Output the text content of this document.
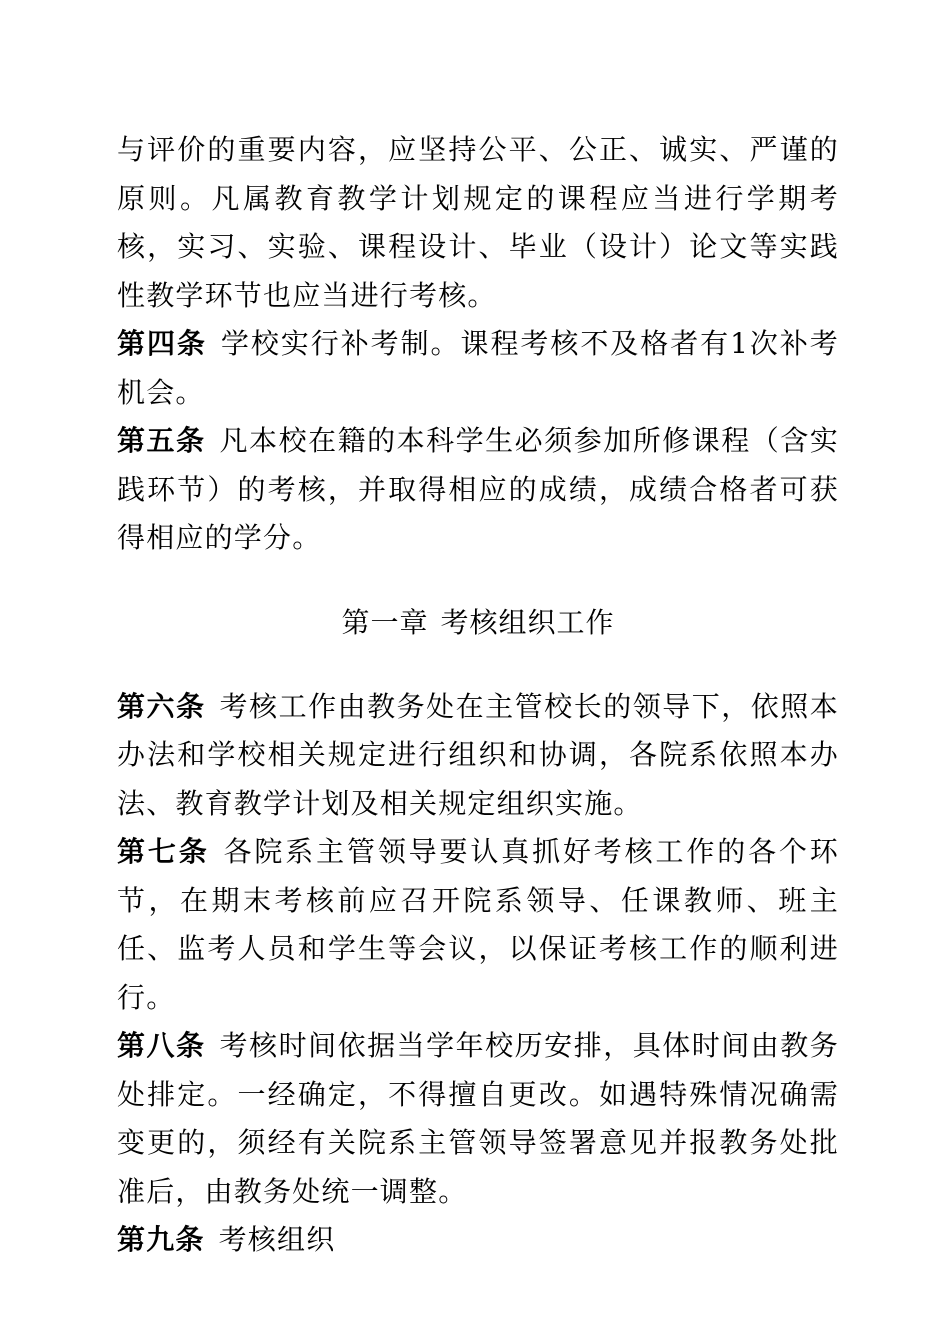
与评价的重要内容，应坚持公平、公正、诚实、严谨的原则。凡属教育教学计划规定的课程应当进行学期考核，实习、实验、课程设计、毕业（设计）论文等实践性教学环节也应当进行考核。

第四条 学校实行补考制。课程考核不及格者有1次补考机会。

第五条 凡本校在籍的本科学生必须参加所修课程（含实践环节）的考核，并取得相应的成绩，成绩合格者可获得相应的学分。

第一章 考核组织工作

第六条 考核工作由教务处在主管校长的领导下，依照本办法和学校相关规定进行组织和协调，各院系依照本办法、教育教学计划及相关规定组织实施。

第七条 各院系主管领导要认真抓好考核工作的各个环节，在期末考核前应召开院系领导、任课教师、班主任、监考人员和学生等会议，以保证考核工作的顺利进行。

第八条 考核时间依据当学年校历安排，具体时间由教务处排定。一经确定，不得擅自更改。如遇特殊情况确需变更的，须经有关院系主管领导签署意见并报教务处批准后，由教务处统一调整。

第九条 考核组织
